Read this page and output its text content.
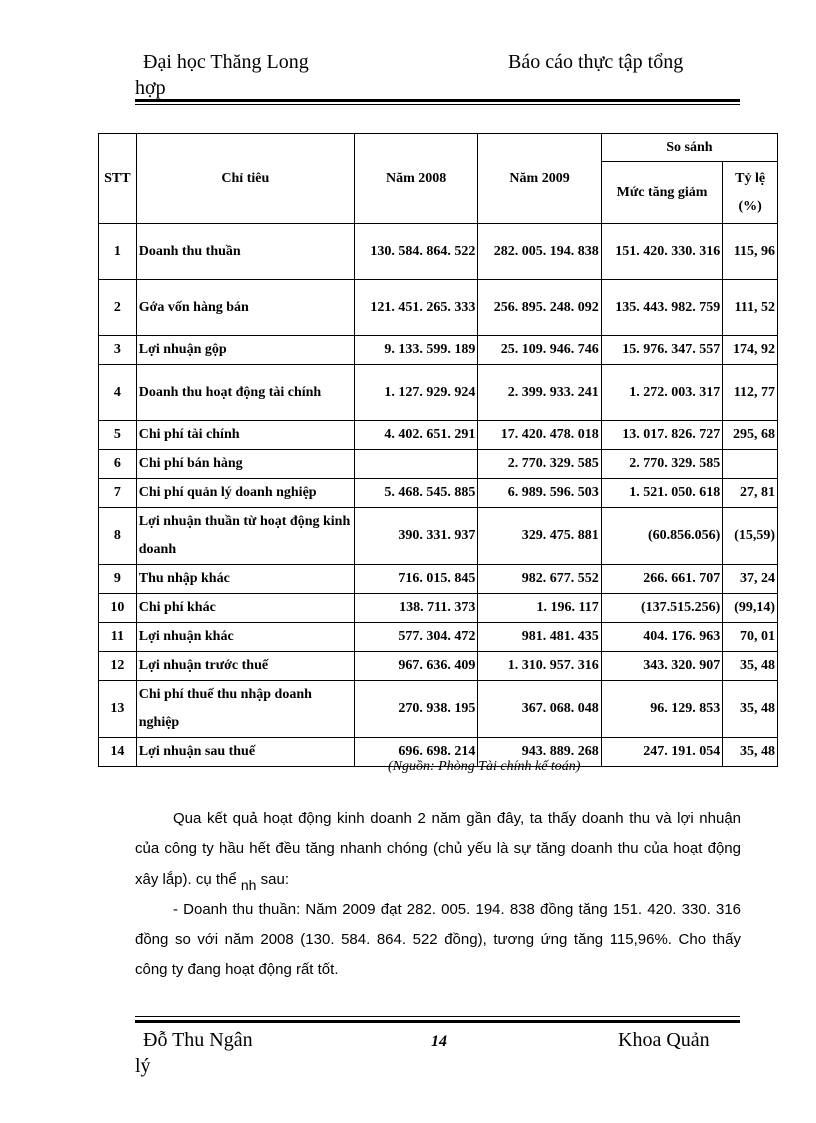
Đại học Thăng Long	Báo cáo thực tập tổng
hợp
STT	Chỉ tiêu	Năm 2008	Năm 2009	So sánh	
				Mức tăng giảm	Tỷ lệ (%)
1	Doanh thu thuần	130. 584. 864. 522	282. 005. 194. 838	151. 420. 330. 316	115, 96
2	Gớa vốn hàng bán	121. 451. 265. 333	256. 895. 248. 092	135. 443. 982. 759	111, 52
3	Lợi nhuận gộp	9. 133. 599. 189	25. 109. 946. 746	15. 976. 347. 557	174, 92
4	Doanh thu hoạt động tài chính	1. 127. 929. 924	2. 399. 933. 241	1. 272. 003. 317	112, 77
5	Chi phí tài chính	4. 402. 651. 291	17. 420. 478. 018	13. 017. 826. 727	295, 68
6	Chi phí bán hàng		2. 770. 329. 585	2. 770. 329. 585	
7	Chi phí quản lý doanh nghiệp	5. 468. 545. 885	6. 989. 596. 503	1. 521. 050. 618	27, 81
8	Lợi nhuận thuần từ hoạt động kinh doanh	390. 331. 937	329. 475. 881	(60.856.056)	(15,59)
9	Thu nhập khác	716. 015. 845	982. 677. 552	266. 661. 707	37, 24
10	Chi phí khác	138. 711. 373	1. 196. 117	(137.515.256)	(99,14)
11	Lợi nhuận khác	577. 304. 472	981. 481. 435	404. 176. 963	70, 01
12	Lợi nhuận trước thuế	967. 636. 409	1. 310. 957. 316	343. 320. 907	35, 48
13	Chi phí thuế thu nhập doanh nghiệp	270. 938. 195	367. 068. 048	96. 129. 853	35, 48
14	Lợi nhuận sau thuế	696. 698. 214	943. 889. 268	247. 191. 054	35, 48
(Nguồn: Phòng Tài chính kế toán)

Qua kết quả hoạt động kinh doanh 2 năm gần đây, ta thấy doanh thu và lợi nhuận của công ty hầu hết đều tăng nhanh chóng (chủ yếu là sự tăng doanh thu của hoạt động xây lắp). cụ thể nh sau:

- Doanh thu thuần: Năm 2009 đạt 282. 005. 194. 838 đồng tăng 151. 420. 330. 316 đồng so với năm 2008 (130. 584. 864. 522 đồng), tương ứng tăng 115,96%. Cho thấy công ty đang hoạt động rất tốt.

Đỗ Thu Ngân	14	Khoa Quản
lý
